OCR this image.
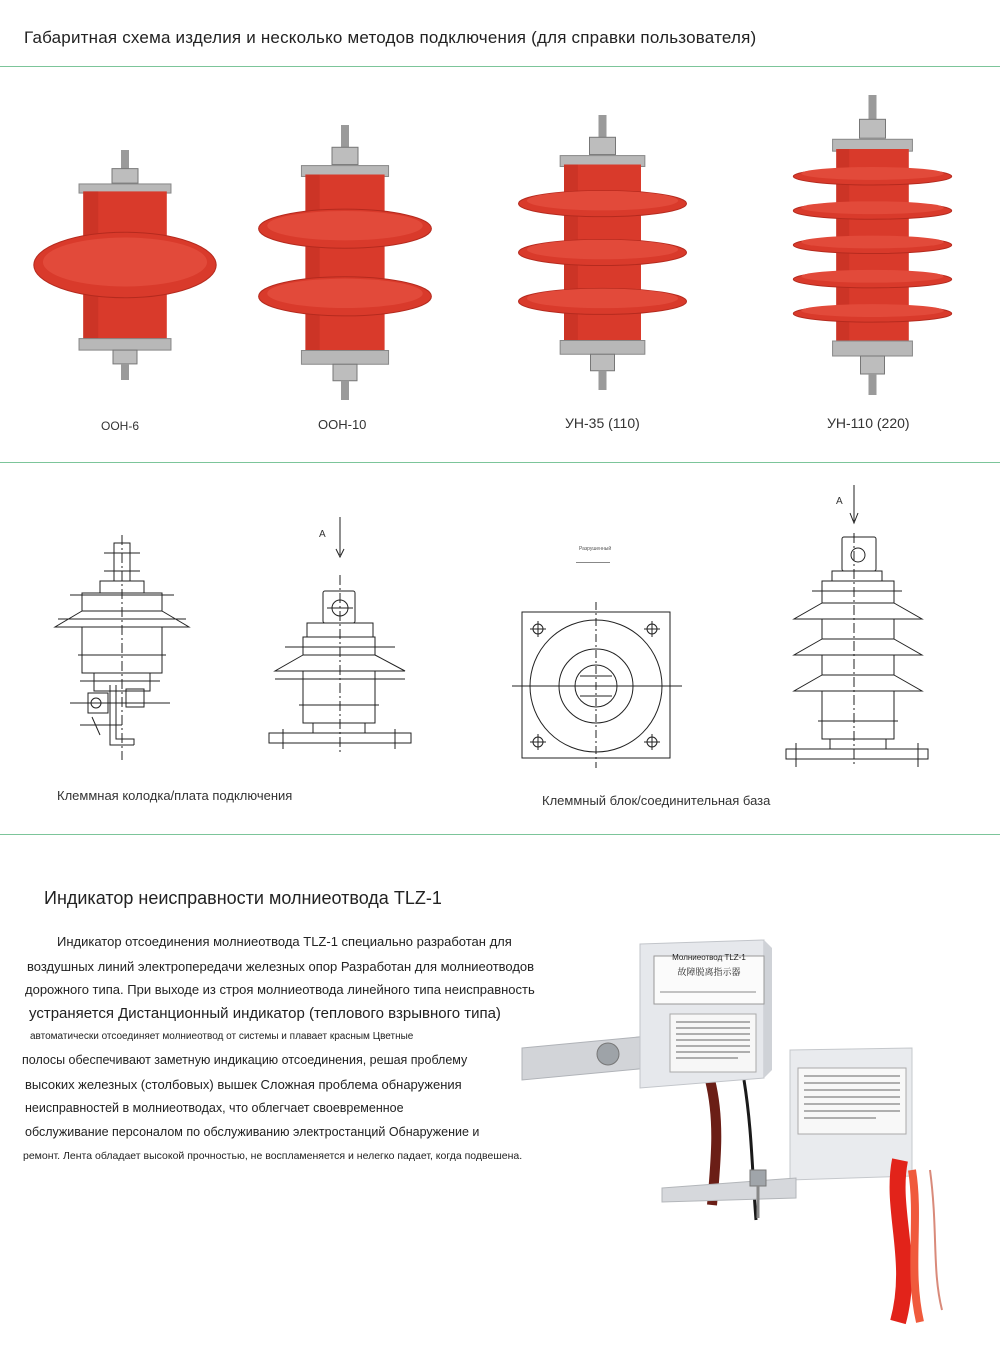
Габаритная схема изделия и несколько методов подключения (для справки пользователя)
ООН-6	ООН-10	УН-35 (110)	УН-110 (220)
A
Разрушенный
A
Клеммная колодка/плата подключения	Клеммный блок/соединительная база
Индикатор неисправности молниеотвода TLZ-1
Индикатор отсоединения молниеотвода TLZ-1 специально разработан для
воздушных линий электропередачи железных опор Разработан для молниеотводов
дорожного типа. При выходе из строя молниеотвода линейного типа неисправность
устраняется Дистанционный индикатор (теплового взрывного типа)
автоматически отсоединяет молниеотвод от системы и плавает красным Цветные
полосы обеспечивают заметную индикацию отсоединения, решая проблему
высоких железных (столбовых) вышек Сложная проблема обнаружения
неисправностей в молниеотводах, что облегчает своевременное
обслуживание персоналом по обслуживанию электростанций Обнаружение и
ремонт. Лента обладает высокой прочностью, не воспламеняется и нелегко падает, когда подвешена.
Молниеотвод TLZ-1
故障脱离指示器
